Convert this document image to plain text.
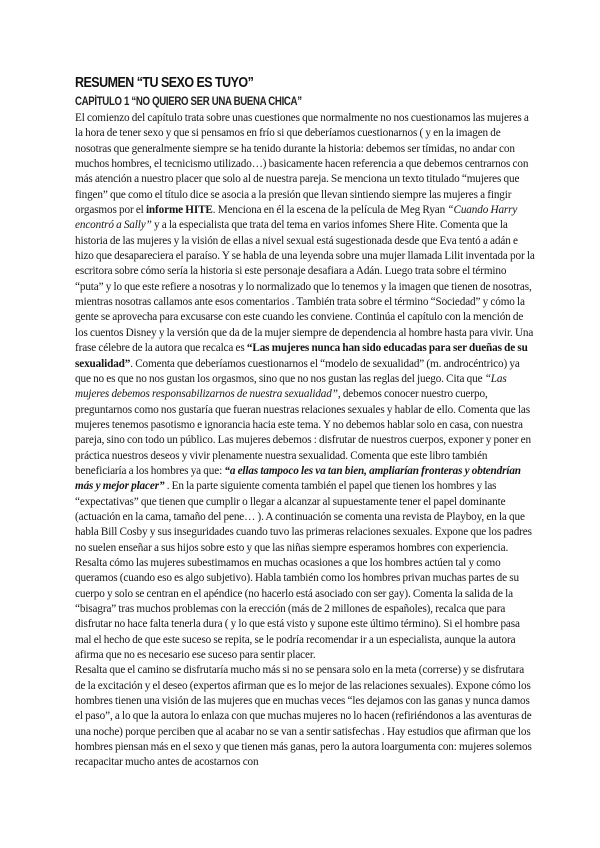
RESUMEN “TU SEXO ES TUYO”
CAPÍTULO 1 “NO QUIERO SER UNA BUENA CHICA”

El comienzo del capítulo trata sobre unas cuestiones que normalmente no nos cuestionamos las mujeres a la hora de tener sexo y que si pensamos en frío si que deberíamos cuestionarnos ( y en la imagen de nosotras que generalmente siempre se ha tenido durante la historia: debemos ser tímidas, no andar con muchos hombres, el tecnicismo utilizado…) basicamente hacen referencia a que debemos centrarnos con más atención a nuestro placer que solo al de nuestra pareja. Se menciona un texto titulado “mujeres que fingen” que como el título dice se asocia a la presión que llevan sintiendo siempre las mujeres a fingir orgasmos por el informe HITE. Menciona en él la escena de la película de Meg Ryan “Cuando Harry encontró a Sally” y a la especialista que trata del tema en varios infomes Shere Hite. Comenta que la historia de las mujeres y la visión de ellas a nivel sexual está sugestionada desde que Eva tentó a adán e hizo que desapareciera el paraíso. Y se habla de una leyenda sobre una mujer llamada Lilit inventada por la escritora sobre cómo sería la historia si este personaje desafiara a Adán. Luego trata sobre el término “puta” y lo que este refiere a nosotras y lo normalizado que lo tenemos y la imagen que tienen de nosotras, mientras nosotras callamos ante esos comentarios . También trata sobre el término “Sociedad” y cómo la gente se aprovecha para excusarse con este cuando les conviene. Continúa el capítulo con la mención de los cuentos Disney y la versión que da de la mujer siempre de dependencia al hombre hasta para vivir. Una frase célebre de la autora que recalca es “Las mujeres nunca han sido educadas para ser dueñas de su sexualidad”. Comenta que deberíamos cuestionarnos el “modelo de sexualidad” (m. androcéntrico) ya que no es que no nos gustan los orgasmos, sino que no nos gustan las reglas del juego. Cita que “Las mujeres debemos responsabilizarnos de nuestra sexualidad”, debemos conocer nuestro cuerpo, preguntarnos como nos gustaría que fueran nuestras relaciones sexuales y hablar de ello. Comenta que las mujeres tenemos pasotismo e ignorancia hacia este tema. Y no debemos hablar solo en casa, con nuestra pareja, sino con todo un público. Las mujeres debemos : disfrutar de nuestros cuerpos, exponer y poner en práctica nuestros deseos y vivir plenamente nuestra sexualidad. Comenta que este libro también beneficiaría a los hombres ya que: “a ellas tampoco les va tan bien, ampliarían fronteras y obtendrían más y mejor placer” . En la parte siguiente comenta también el papel que tienen los hombres y las “expectativas” que tienen que cumplir o llegar a alcanzar al supuestamente tener el papel dominante (actuación en la cama, tamaño del pene… ). A continuación se comenta una revista de Playboy, en la que habla Bill Cosby y sus inseguridades cuando tuvo las primeras relaciones sexuales. Expone que los padres no suelen enseñar a sus hijos sobre esto y que las niñas siempre esperamos hombres con experiencia. Resalta cómo las mujeres subestimamos en muchas ocasiones a que los hombres actúen tal y como queramos (cuando eso es algo subjetivo). Habla también como los hombres privan muchas partes de su cuerpo y solo se centran en el apéndice (no hacerlo está asociado con ser gay). Comenta la salida de la “bisagra” tras muchos problemas con la erección (más de 2 millones de españoles), recalca que para disfrutar no hace falta tenerla dura ( y lo que está visto y supone este último término). Si el hombre pasa mal el hecho de que este suceso se repita, se le podría recomendar ir a un especialista, aunque la autora afirma que no es necesario ese suceso para sentir placer.

Resalta que el camino se disfrutaría mucho más si no se pensara solo en la meta (correrse) y se disfrutara de la excitación y el deseo (expertos afirman que es lo mejor de las relaciones sexuales). Expone cómo los hombres tienen una visión de las mujeres que en muchas veces “les dejamos con las ganas y nunca damos el paso”, a lo que la autora lo enlaza con que muchas mujeres no lo hacen (refiriéndonos a las aventuras de una noche) porque perciben que al acabar no se van a sentir satisfechas . Hay estudios que afirman que los hombres piensan más en el sexo y que tienen más ganas, pero la autora loargumenta con: mujeres solemos recapacitar mucho antes de acostarnos con
